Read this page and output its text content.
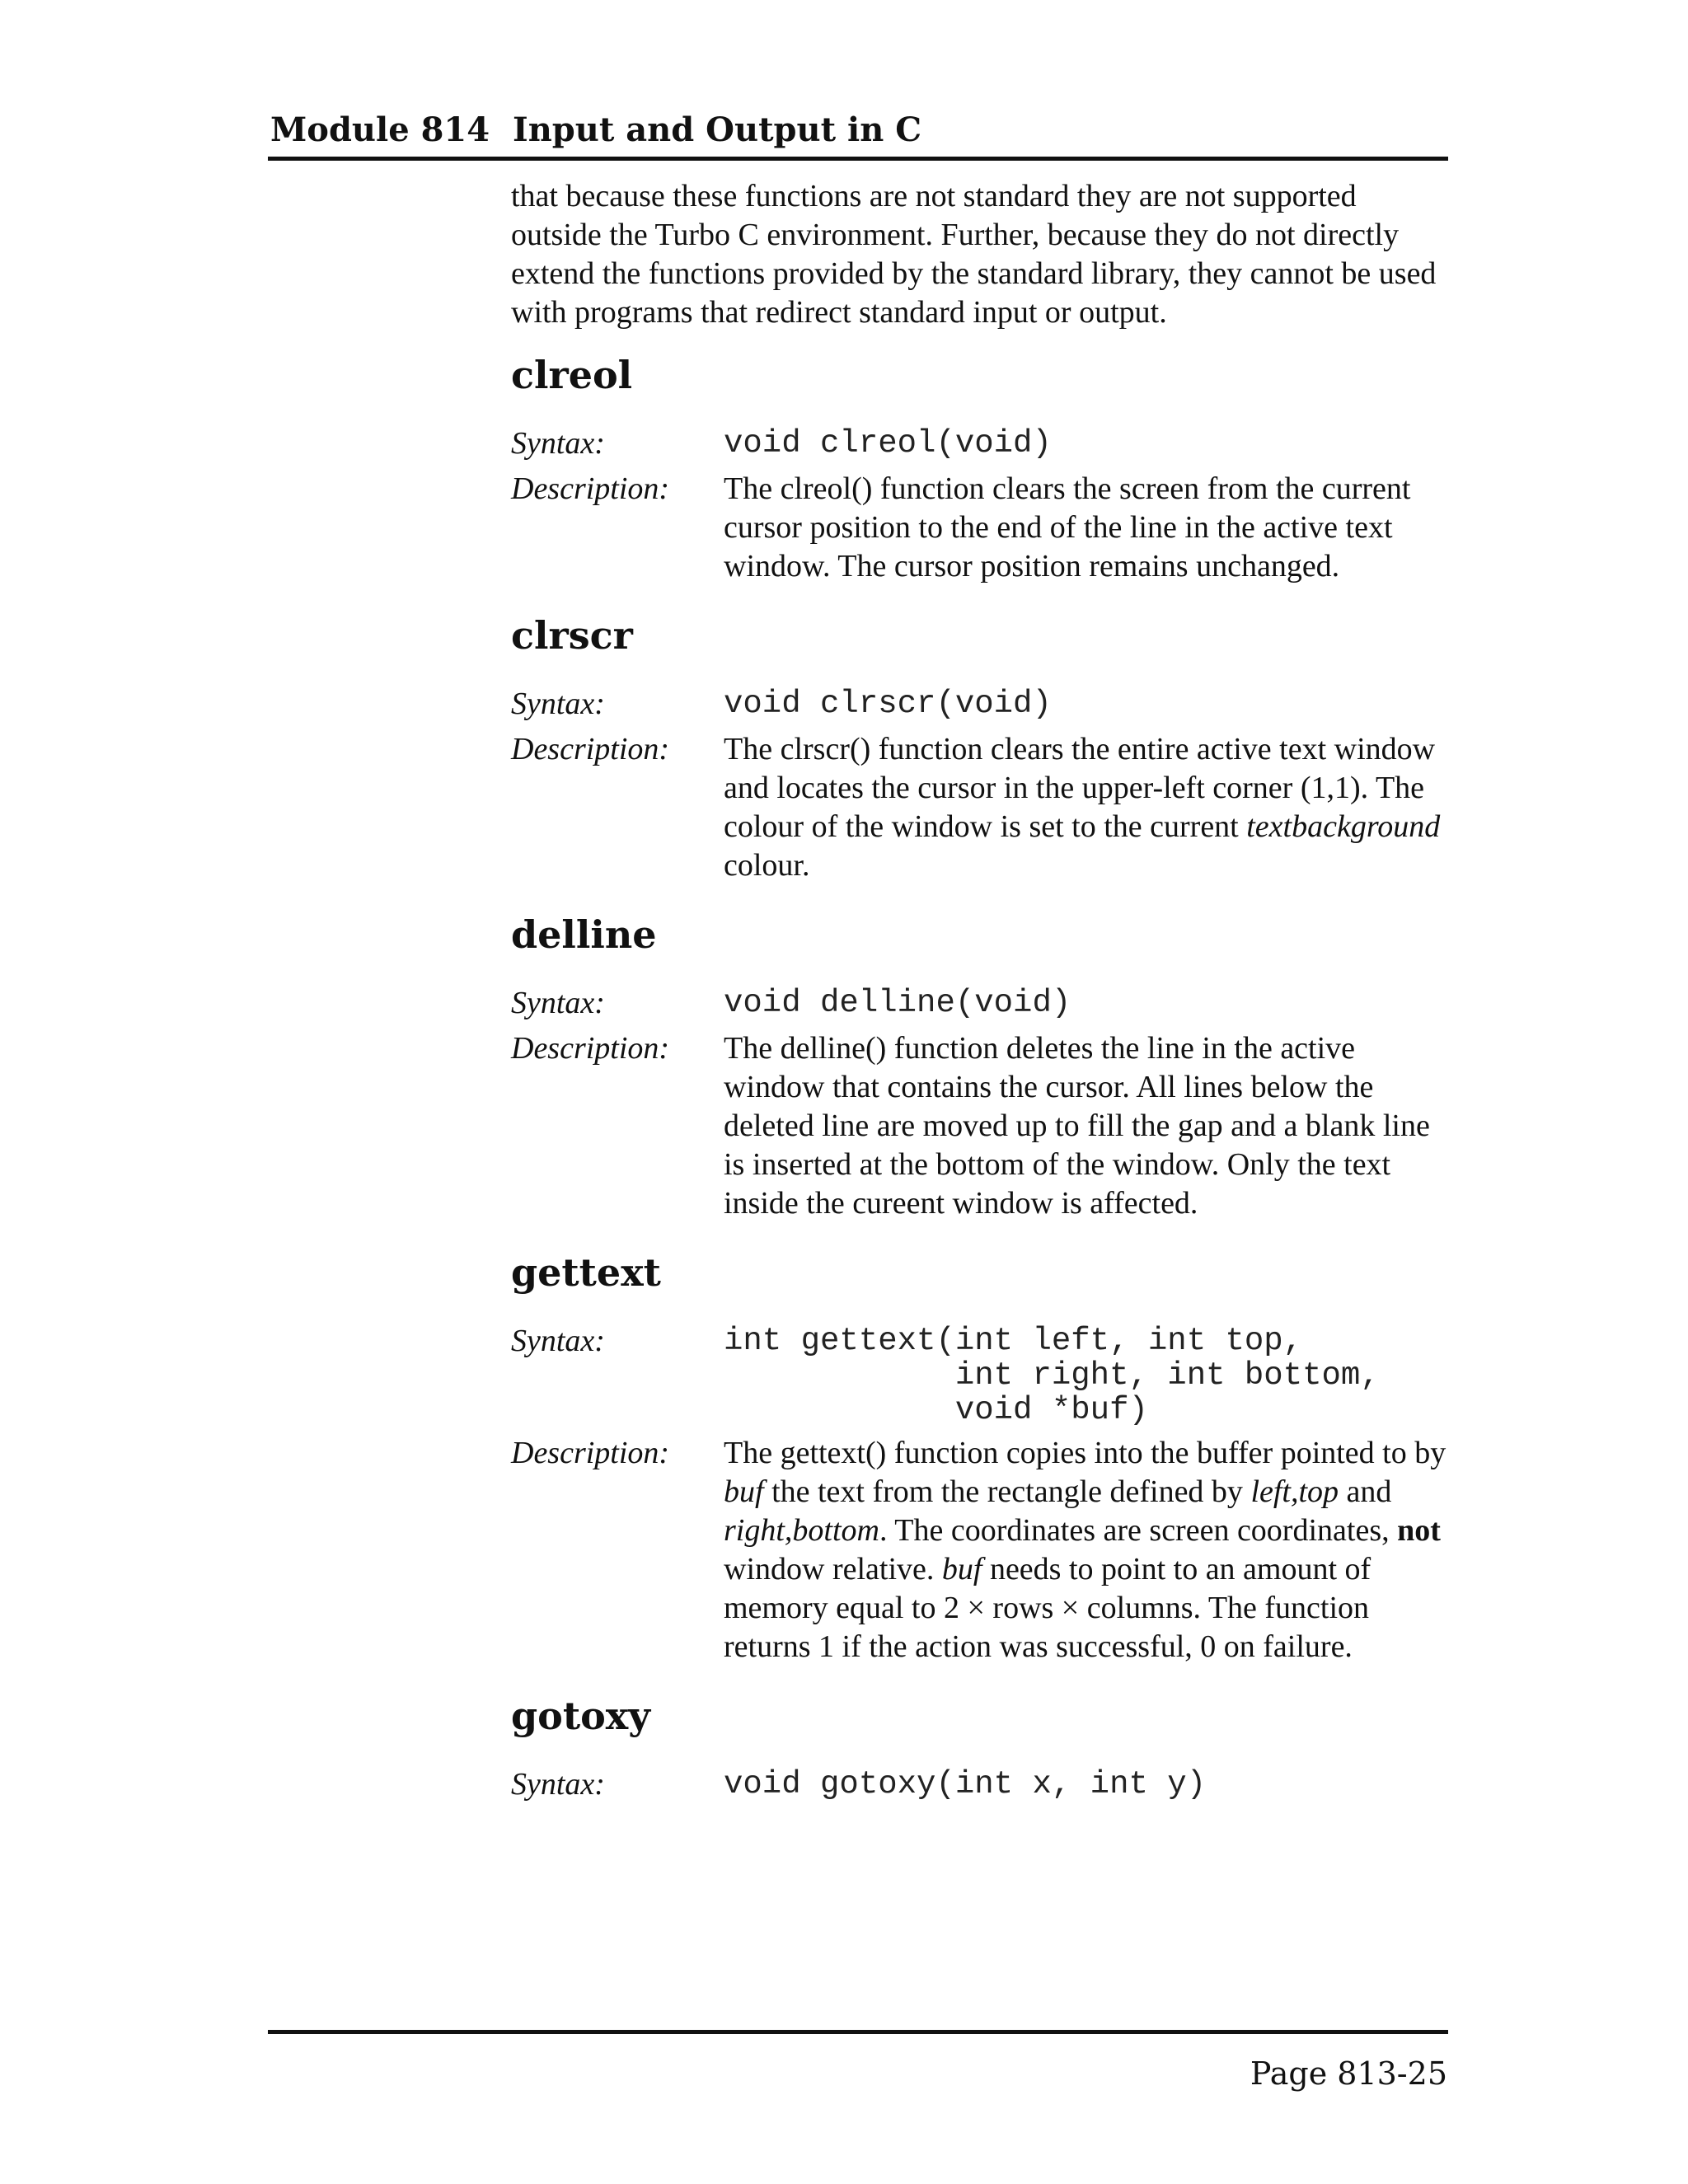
Module 814 Input and Output in C

that because these functions are not standard they are not supported outside the Turbo C environment. Further, because they do not directly extend the functions provided by the standard library, they cannot be used with programs that redirect standard input or output.

clreol
Syntax:	void clreol(void)
Description:	The clreol() function clears the screen from the current cursor position to the end of the line in the active text window. The cursor position remains unchanged.
clrscr
Syntax:	void clrscr(void)
Description:	The clrscr() function clears the entire active text window and locates the cursor in the upper-left corner (1,1). The colour of the window is set to the current textbackground colour.
delline
Syntax:	void delline(void)
Description:	The delline() function deletes the line in the active window that contains the cursor. All lines below the deleted line are moved up to fill the gap and a blank line is inserted at the bottom of the window. Only the text inside the cureent window is affected.
gettext
Syntax:	int gettext(int left, int top,
int right, int bottom,
void *buf)
Description:	The gettext() function copies into the buffer pointed to by buf the text from the rectangle defined by left,top and right,bottom. The coordinates are screen coordinates, not window relative. buf needs to point to an amount of memory equal to 2 × rows × columns. The function returns 1 if the action was successful, 0 on failure.
gotoxy
Syntax:	void gotoxy(int x, int y)
Page 813-25
